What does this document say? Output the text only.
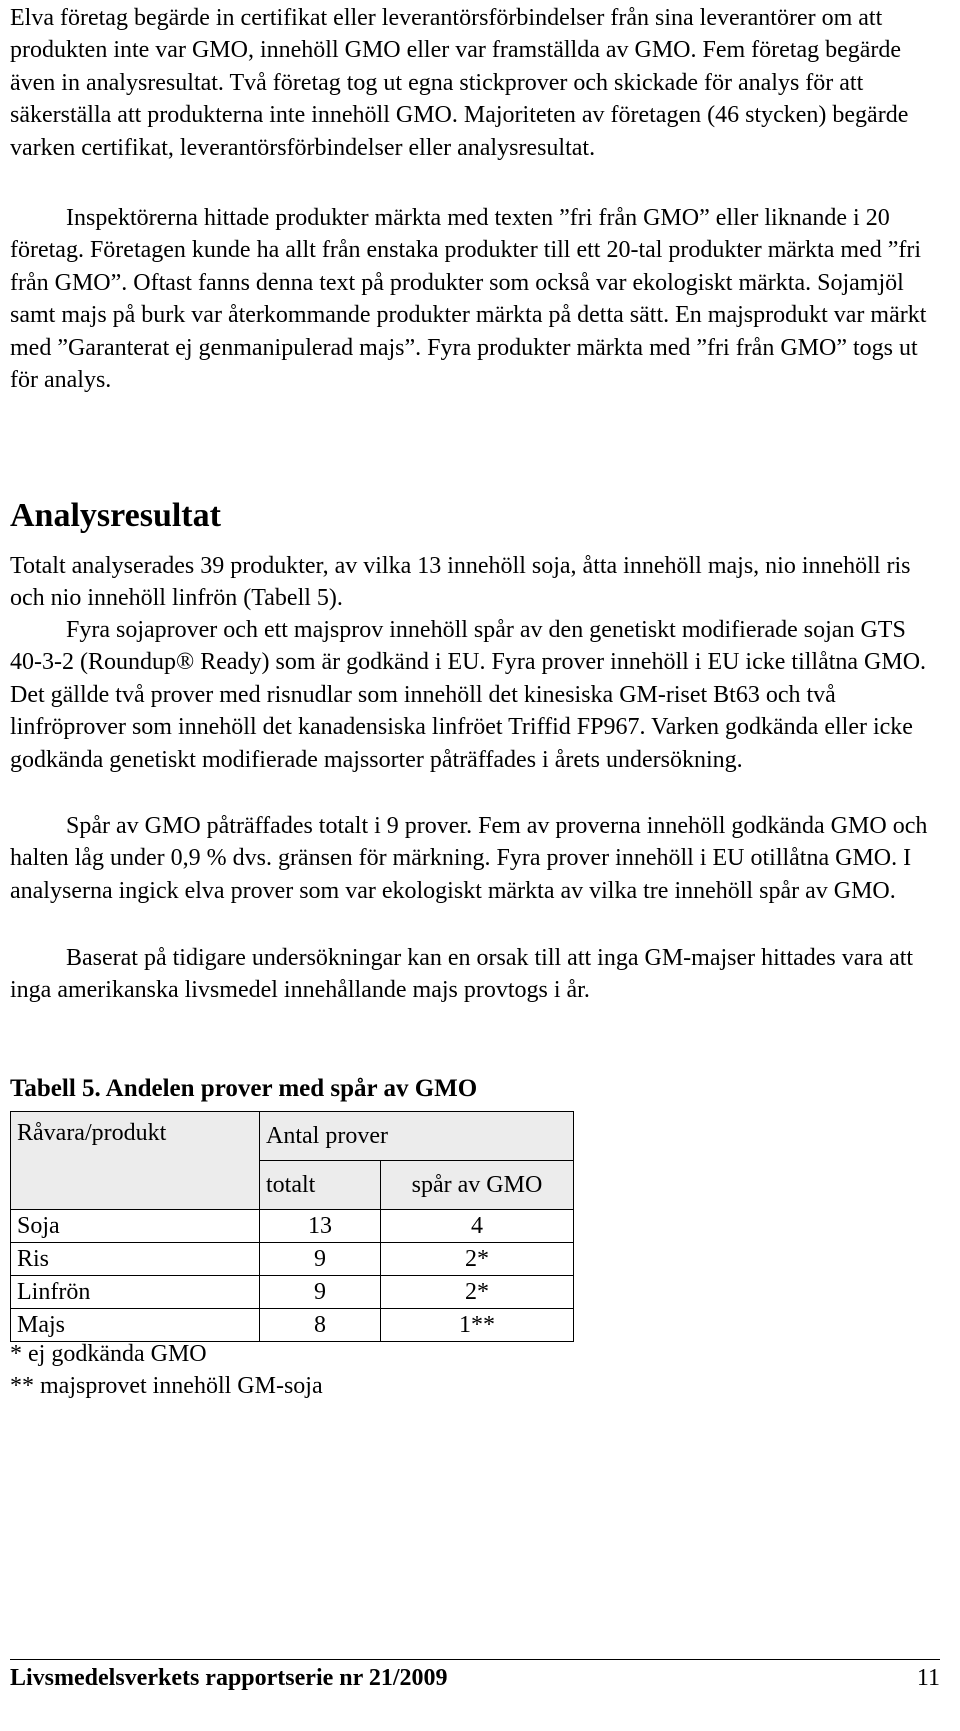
Elva företag begärde in certifikat eller leverantörsförbindelser från sina leverantörer om att produkten inte var GMO, innehöll GMO eller var framställda av GMO. Fem företag begärde även in analysresultat. Två företag tog ut egna stickprover och skickade för analys för att säkerställa att produkterna inte innehöll GMO. Majoriteten av företagen (46 stycken) begärde varken certifikat, leverantörsförbindelser eller analysresultat.

Inspektörerna hittade produkter märkta med texten ”fri från GMO” eller liknande i 20 företag. Företagen kunde ha allt från enstaka produkter till ett 20-tal produkter märkta med ”fri från GMO”. Oftast fanns denna text på produkter som också var ekologiskt märkta. Sojamjöl samt majs på burk var återkommande produkter märkta på detta sätt. En majsprodukt var märkt med ”Garanterat ej genmanipulerad majs”. Fyra produkter märkta med ”fri från GMO” togs ut för analys.

Analysresultat

Totalt analyserades 39 produkter, av vilka 13 innehöll soja, åtta innehöll majs, nio innehöll ris och nio innehöll linfrön (Tabell 5).

Fyra sojaprover och ett majsprov innehöll spår av den genetiskt modifierade sojan GTS 40-3-2 (Roundup® Ready) som är godkänd i EU. Fyra prover innehöll i EU icke tillåtna GMO. Det gällde två prover med risnudlar som innehöll det kinesiska GM-riset Bt63 och två linfröprover som innehöll det kanadensiska linfröet Triffid FP967. Varken godkända eller icke godkända genetiskt modifierade majssorter påträffades i årets undersökning.

Spår av GMO påträffades totalt i 9 prover. Fem av proverna innehöll godkända GMO och halten låg under 0,9 % dvs. gränsen för märkning. Fyra prover innehöll i EU otillåtna GMO. I analyserna ingick elva prover som var ekologiskt märkta av vilka tre innehöll spår av GMO.

Baserat på tidigare undersökningar kan en orsak till att inga GM-majser hittades vara att inga amerikanska livsmedel innehållande majs provtogs i år.

Tabell 5. Andelen prover med spår av GMO

Råvara/produkt	Antal prover	
	totalt	spår av GMO
Soja	13	4
Ris	9	2*
Linfrön	9	2*
Majs	8	1**
* ej godkända GMO
** majsprovet innehöll GM-soja
Livsmedelsverkets rapportserie nr 21/2009	11
